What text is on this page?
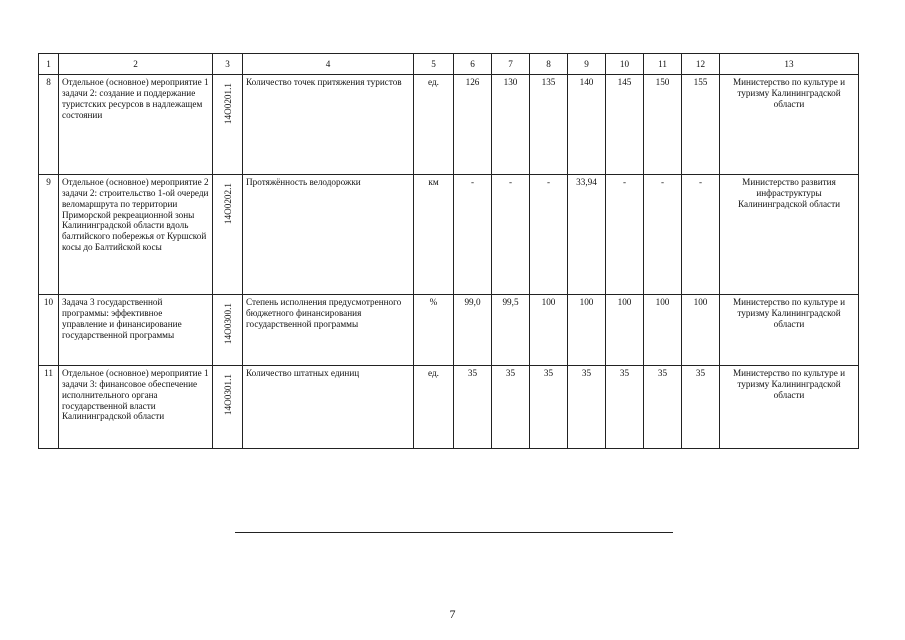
1	2	3	4	5	6	7	8	9	10	11	12	13
8	Отдельное (основное) мероприятие 1 задачи 2: создание и поддержание туристских ресурсов в надлежащем состоянии	14О0201.1	Количество точек притяжения туристов	ед.	126	130	135	140	145	150	155	Министерство по культуре и туризму Калининградской области
9	Отдельное (основное) мероприятие 2 задачи 2: строительство 1-ой очереди веломаршрута по территории Приморской рекреационной зоны Калининградской области вдоль балтийского побережья от Куршской косы до Балтийской косы	14О0202.1	Протяжённость велодорожки	км	-	-	-	33,94	-	-	-	Министерство развития инфраструктуры Калининградской области
10	Задача 3 государственной программы: эффективное управление и финансирование государственной программы	14О0300.1	Степень исполнения предусмотренного бюджетного финансирования государственной программы	%	99,0	99,5	100	100	100	100	100	Министерство по культуре и туризму Калининградской области
11	Отдельное (основное) мероприятие 1 задачи 3: финансовое обеспечение исполнительного органа государственной власти Калининградской области	14О0301.1	Количество штатных единиц	ед.	35	35	35	35	35	35	35	Министерство по культуре и туризму Калининградской области
7
